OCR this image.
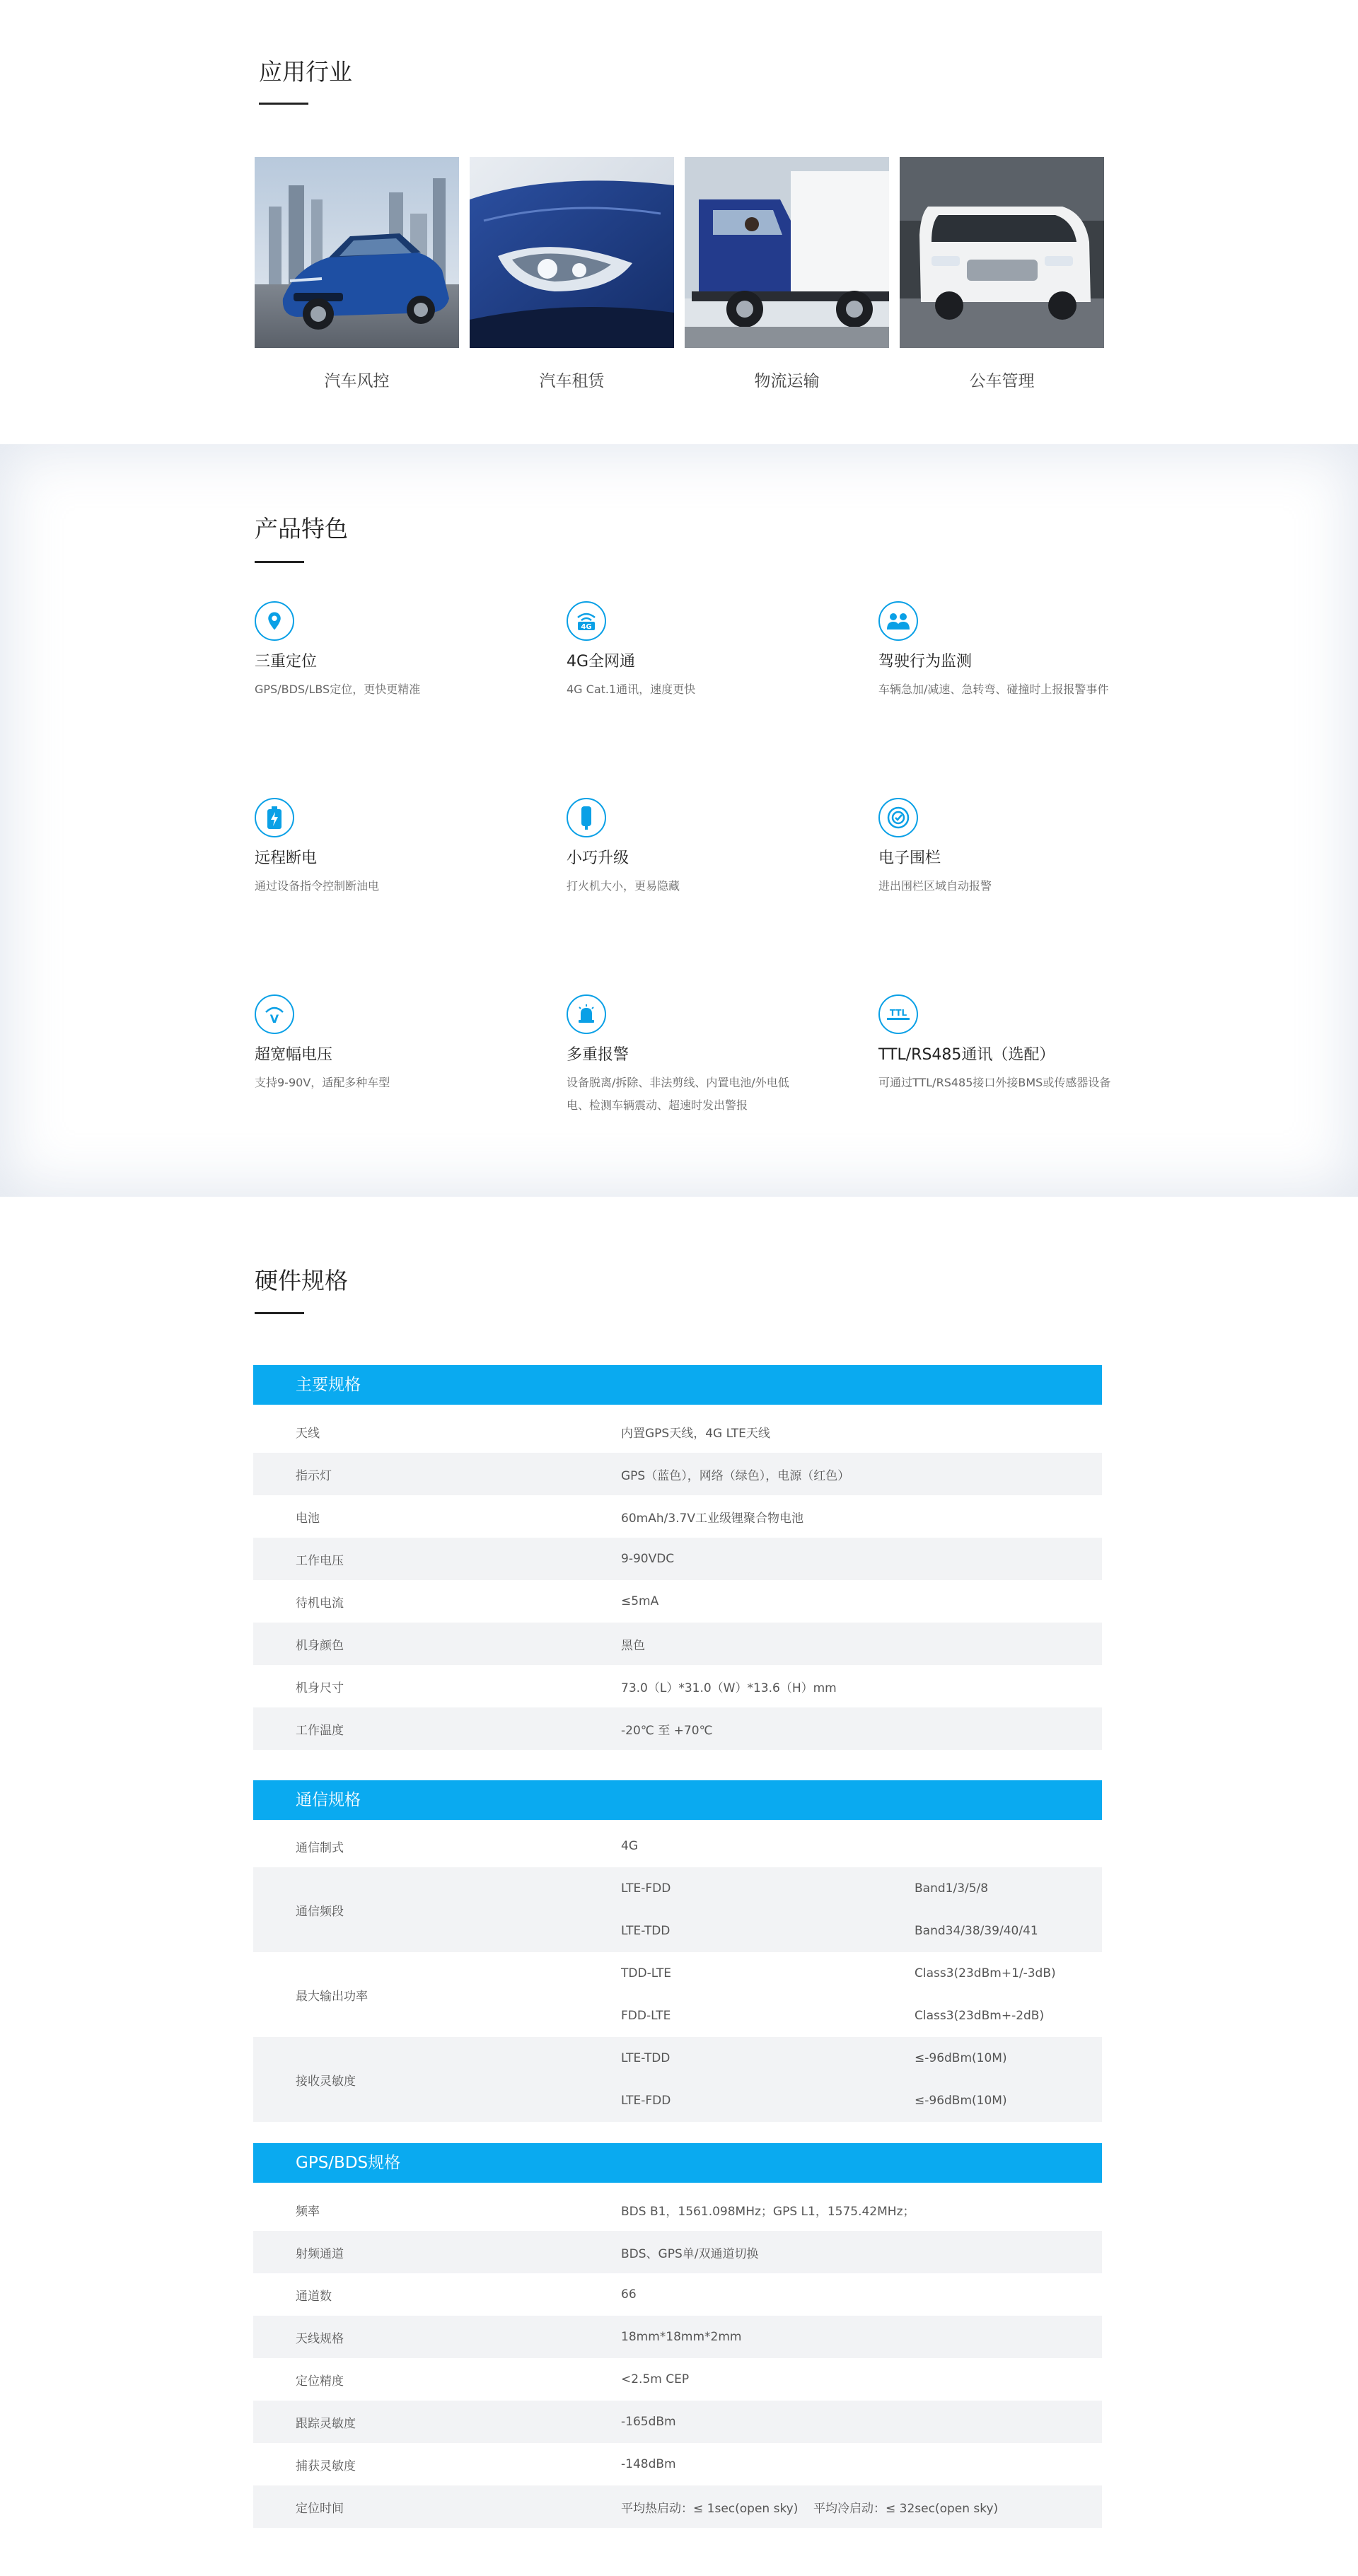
应用行业
汽车风控	汽车租赁	物流运输	公车管理
产品特色
三重定位
GPS/BDS/LBS定位，更快更精准
4G
4G全网通
4G Cat.1通讯，速度更快
驾驶行为监测
车辆急加/减速、急转弯、碰撞时上报报警事件
远程断电
通过设备指令控制断油电
小巧升级
打火机大小，更易隐藏
电子围栏
进出围栏区域自动报警
V
超宽幅电压
支持9-90V，适配多种车型
多重报警
设备脱离/拆除、非法剪线、内置电池/外电低电、检测车辆震动、超速时发出警报
TTL
TTL/RS485通讯（选配）
可通过TTL/RS485接口外接BMS或传感器设备
硬件规格
主要规格
天线	内置GPS天线，4G LTE天线
指示灯	GPS（蓝色），网络（绿色），电源（红色）
电池	60mAh/3.7V工业级锂聚合物电池
工作电压	9-90VDC
待机电流	≤5mA
机身颜色	黑色
机身尺寸	73.0（L）*31.0（W）*13.6（H）mm
工作温度	-20℃ 至 +70℃
通信规格
通信制式	4G
通信频段
LTE-FDD	Band1/3/5/8
LTE-TDD	Band34/38/39/40/41
最大输出功率
TDD-LTE	Class3(23dBm+1/-3dB)
FDD-LTE	Class3(23dBm+-2dB)
接收灵敏度
LTE-TDD	≤-96dBm(10M)
LTE-FDD	≤-96dBm(10M)
GPS/BDS规格
频率	BDS B1，1561.098MHz；GPS L1，1575.42MHz；
射频通道	BDS、GPS单/双通道切换
通道数	66
天线规格	18mm*18mm*2mm
定位精度	<2.5m CEP
跟踪灵敏度	-165dBm
捕获灵敏度	-148dBm
定位时间	平均热启动：≤ 1sec(open sky)    平均冷启动：≤ 32sec(open sky)
